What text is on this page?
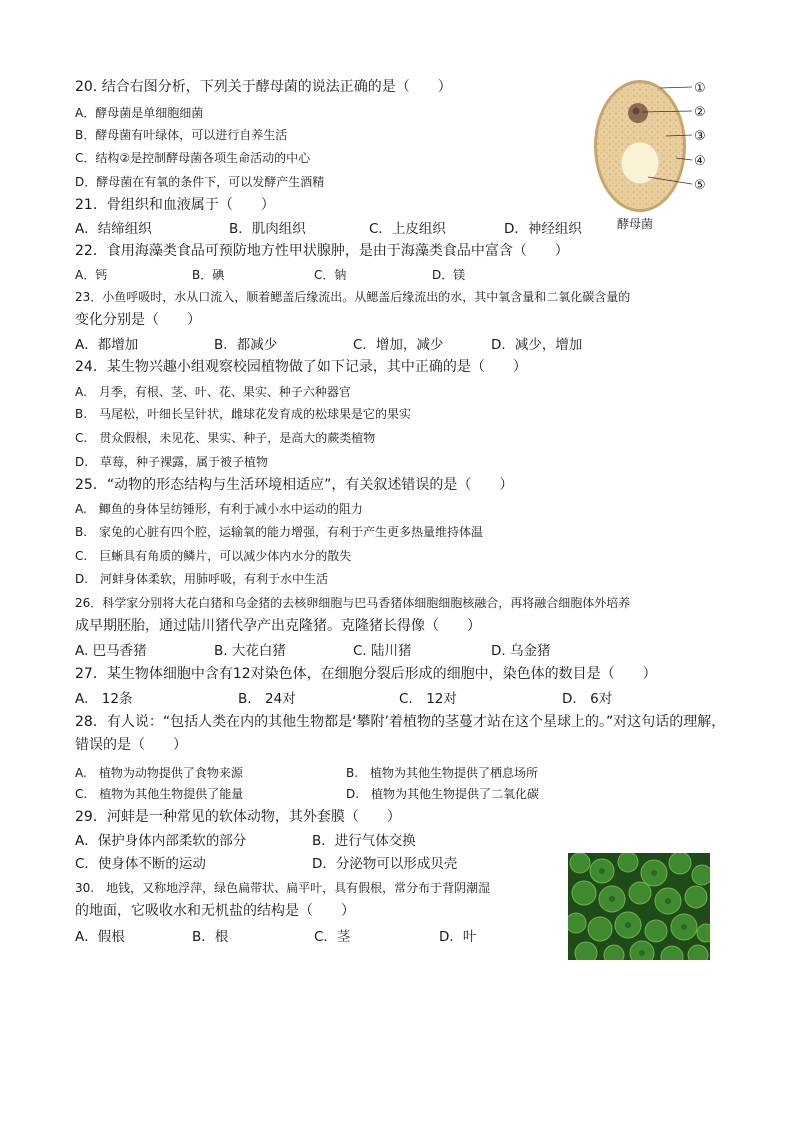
20. 结合右图分析，下列关于酵母菌的说法正确的是（　　）
A．酵母菌是单细胞细菌
B．酵母菌有叶绿体，可以进行自养生活
C．结构②是控制酵母菌各项生命活动的中心
D．酵母菌在有氧的条件下，可以发酵产生酒精
21．骨组织和血液属于（　　）
A．结缔组织	B．肌肉组织	C．上皮组织	D．神经组织
22．食用海藻类食品可预防地方性甲状腺肿，是由于海藻类食品中富含（　　）
A．钙	B．碘	C．钠	D．镁
23．小鱼呼吸时，水从口流入，顺着鳃盖后缘流出。从鳃盖后缘流出的水，其中氧含量和二氧化碳含量的
变化分别是（　　）
A．都增加	B．都减少	C．增加，减少	D．减少，增加
24．某生物兴趣小组观察校园植物做了如下记录，其中正确的是（　　）
A.　月季，有根、茎、叶、花、果实、种子六种器官
B.　马尾松，叶细长呈针状，雌球花发育成的松球果是它的果实
C.　贯众假根，未见花、果实、种子，是高大的蕨类植物
D.　草莓，种子裸露，属于被子植物
25．“动物的形态结构与生活环境相适应”，有关叙述错误的是（　　）
A.　鲫鱼的身体呈纺锤形，有利于减小水中运动的阻力
B.　家兔的心脏有四个腔，运输氧的能力增强，有利于产生更多热量维持体温
C.　巨蜥具有角质的鳞片，可以减少体内水分的散失
D.　河蚌身体柔软，用肺呼吸，有利于水中生活
26．科学家分别将大花白猪和乌金猪的去核卵细胞与巴马香猪体细胞细胞核融合，再将融合细胞体外培养
成早期胚胎，通过陆川猪代孕产出克隆猪。克隆猪长得像（　　）
A. 巴马香猪	B. 大花白猪	C. 陆川猪	D. 乌金猪
27．某生物体细胞中含有12对染色体，在细胞分裂后形成的细胞中，染色体的数目是（　　）
A.　12条	B.　24对	C.　12对	D.　6对
28．有人说：“包括人类在内的其他生物都是‘攀附’着植物的茎蔓才站在这个星球上的。”对这句话的理解，
错误的是（　　）
A.　植物为动物提供了食物来源	B.　植物为其他生物提供了栖息场所
C.　植物为其他生物提供了能量	D.　植物为其他生物提供了二氧化碳
29．河蚌是一种常见的软体动物，其外套膜（　　）
A．保护身体内部柔软的部分	B．进行气体交换
C．使身体不断的运动	D．分泌物可以形成贝壳
30.　地钱，又称地浮萍，绿色扁带状、扁平叶，具有假根，常分布于背阴潮湿
的地面，它吸收水和无机盐的结构是（　　）
A．假根	B．根	C．茎	D．叶
①
②
③
④
⑤
酵母菌
